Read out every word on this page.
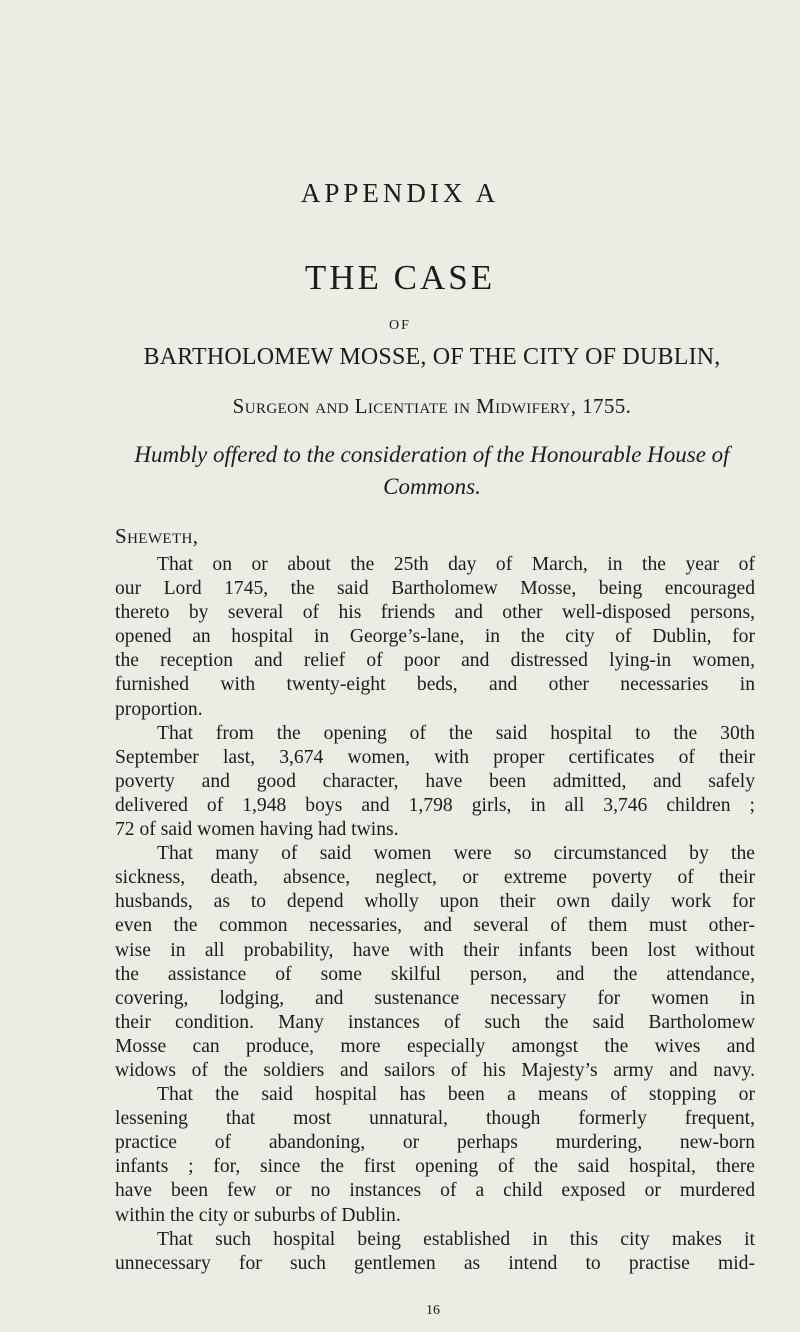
APPENDIX A
THE CASE
OF
BARTHOLOMEW MOSSE, OF THE CITY OF DUBLIN,
Surgeon and Licentiate in Midwifery, 1755.
Humbly offered to the consideration of the Honourable House of
Commons.
Sheweth,
That on or about the 25th day of March, in the year of
our Lord 1745, the said Bartholomew Mosse, being encouraged
thereto by several of his friends and other well-disposed persons,
opened an hospital in George’s-lane, in the city of Dublin, for
the reception and relief of poor and distressed lying-in women,
furnished with twenty-eight beds, and other necessaries in
proportion.
That from the opening of the said hospital to the 30th
September last, 3,674 women, with proper certificates of their
poverty and good character, have been admitted, and safely
delivered of 1,948 boys and 1,798 girls, in all 3,746 children ;
72 of said women having had twins.
That many of said women were so circumstanced by the
sickness, death, absence, neglect, or extreme poverty of their
husbands, as to depend wholly upon their own daily work for
even the common necessaries, and several of them must other-
wise in all probability, have with their infants been lost without
the assistance of some skilful person, and the attendance,
covering, lodging, and sustenance necessary for women in
their condition. Many instances of such the said Bartholomew
Mosse can produce, more especially amongst the wives and
widows of the soldiers and sailors of his Majesty’s army and navy.
That the said hospital has been a means of stopping or
lessening that most unnatural, though formerly frequent,
practice of abandoning, or perhaps murdering, new-born
infants ; for, since the first opening of the said hospital, there
have been few or no instances of a child exposed or murdered
within the city or suburbs of Dublin.
That such hospital being established in this city makes it
unnecessary for such gentlemen as intend to practise mid-
16
